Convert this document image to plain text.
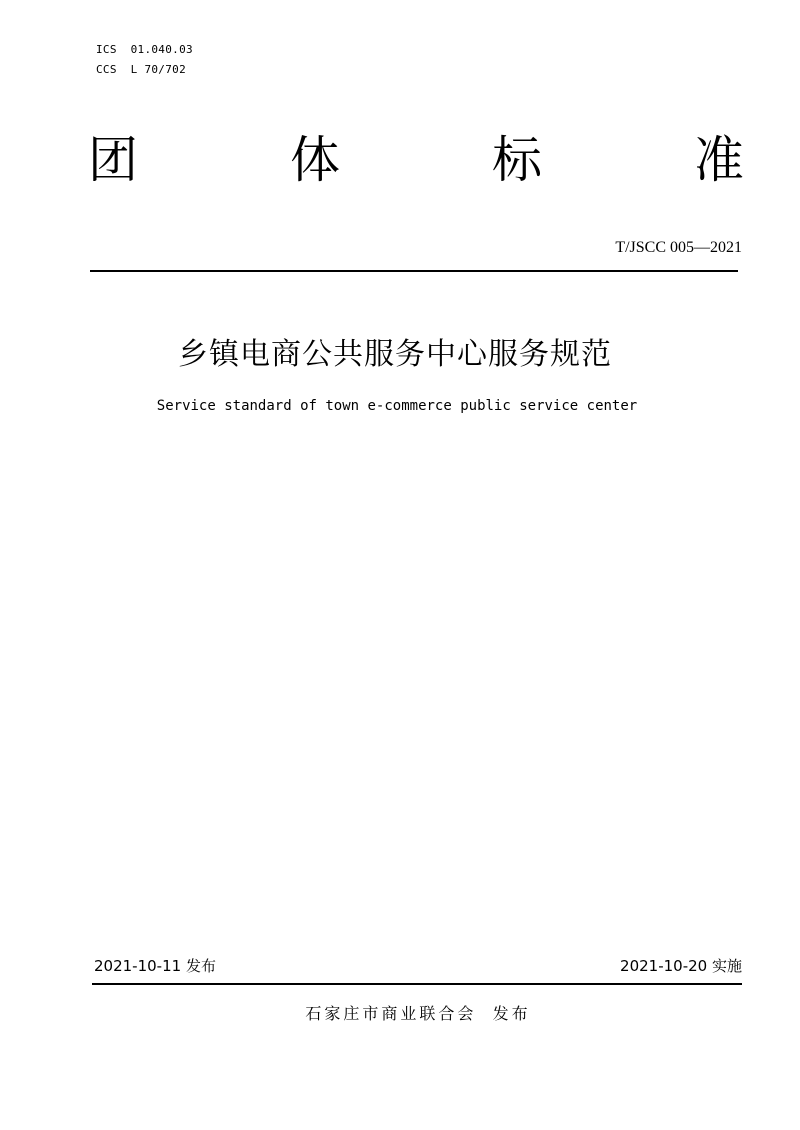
ICS  01.040.03
CCS  L 70/702
团	体	标	准
T/JSCC 005—2021
乡镇电商公共服务中心服务规范
Service standard of town e-commerce public service center
2021-10-11 发布	2021-10-20 实施
石家庄市商业联合会  发布
